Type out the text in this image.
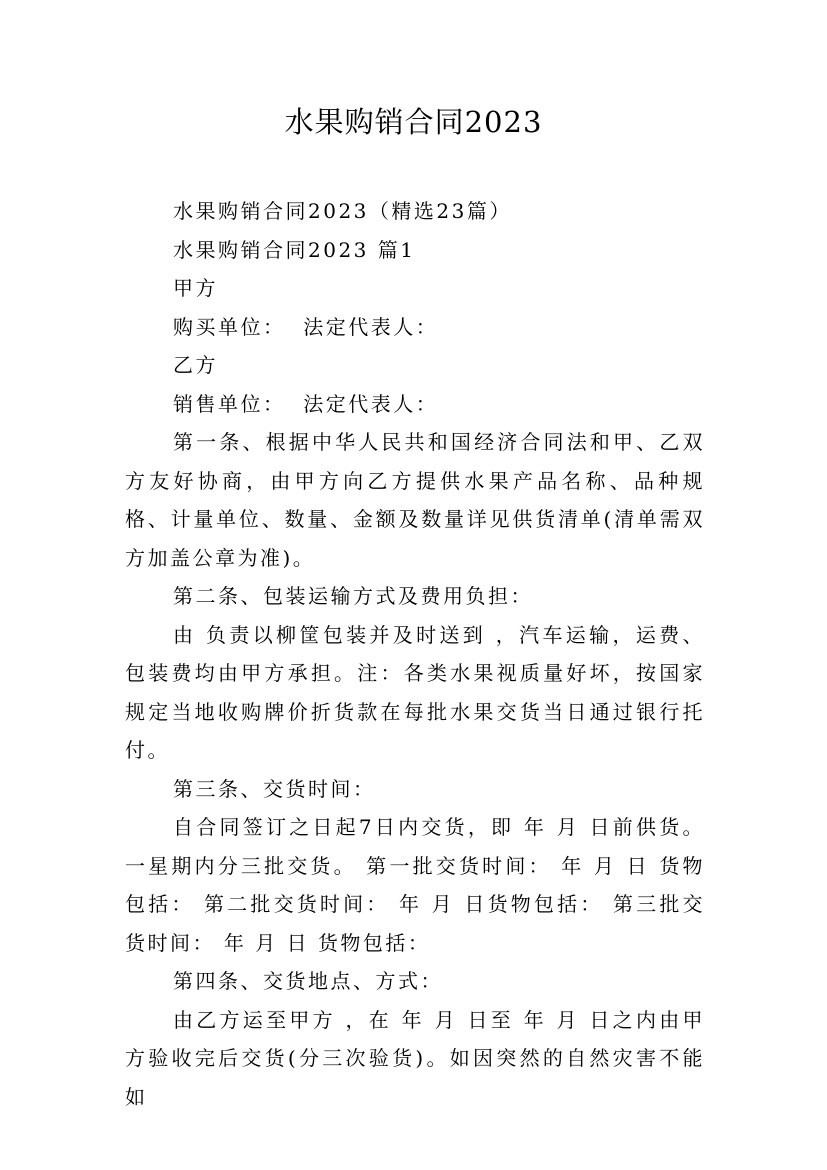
水果购销合同2023

水果购销合同2023（精选23篇）

水果购销合同2023 篇1

甲方

购买单位：  法定代表人：

乙方

销售单位：  法定代表人：

第一条、根据中华人民共和国经济合同法和甲、乙双方友好协商，由甲方向乙方提供水果产品名称、品种规格、计量单位、数量、金额及数量详见供货清单(清单需双方加盖公章为准)。

第二条、包装运输方式及费用负担：

由 负责以柳筐包装并及时送到 ，汽车运输，运费、包装费均由甲方承担。注：各类水果视质量好坏，按国家规定当地收购牌价折货款在每批水果交货当日通过银行托付。

第三条、交货时间：

自合同签订之日起7日内交货，即 年 月 日前供货。一星期内分三批交货。 第一批交货时间： 年 月 日 货物包括： 第二批交货时间： 年 月 日货物包括： 第三批交货时间： 年 月 日 货物包括：

第四条、交货地点、方式：

由乙方运至甲方 ，在 年 月 日至 年 月 日之内由甲方验收完后交货(分三次验货)。如因突然的自然灾害不能如
